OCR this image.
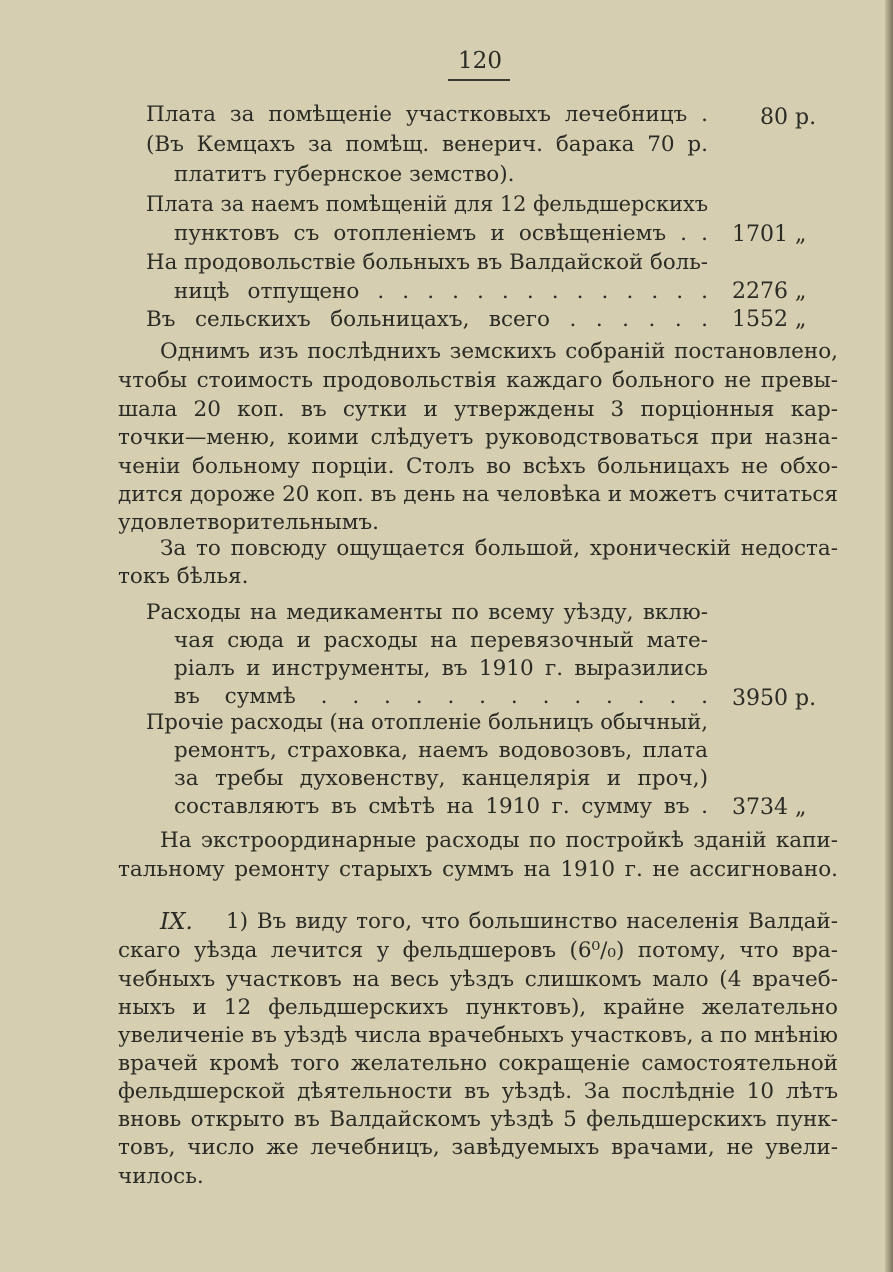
120
Плата за помѣщеніе участковыхъ лечебницъ . 80 р.
(Въ Кемцахъ за помѣщ. венерич. барака 70 р.
платитъ губернское земство).
Плата за наемъ помѣщеній для 12 фельдшерскихъ
пунктовъ съ отопленіемъ и освѣщеніемъ . . 1701 „
На продовольствіе больныхъ въ Валдайской боль-
ницѣ отпущено . . . . . . . . . . . . . . 2276 „
Въ сельскихъ больницахъ, всего . . . . . . 1552 „
Однимъ изъ послѣднихъ земскихъ собраній постановлено,
чтобы стоимость продовольствія каждаго больного не превы-
шала 20 коп. въ сутки и утверждены 3 порціонныя кар-
точки—меню, коими слѣдуетъ руководствоваться при назна-
ченіи больному порціи. Столъ во всѣхъ больницахъ не обхо-
дится дороже 20 коп. въ день на человѣка и можетъ считаться
удовлетворительнымъ.
За то повсюду ощущается большой, хроническій недоста-
токъ бѣлья.
Расходы на медикаменты по всему уѣзду, вклю-
чая сюда и расходы на перевязочный мате-
ріалъ и инструменты, въ 1910 г. выразились
въ суммѣ . . . . . . . . . . . . . 3950 р.
Прочіе расходы (на отопленіе больницъ обычный,
ремонтъ, страховка, наемъ водовозовъ, плата
за требы духовенству, канцелярія и проч,)
составляютъ въ смѣтѣ на 1910 г. сумму въ . 3734 „
На экстроординарные расходы по постройкѣ зданій капи-
тальному ремонту старыхъ суммъ на 1910 г. не ассигновано.
IX. 1) Въ виду того, что большинство населенія Валдай-
скаго уѣзда лечится у фельдшеровъ (6⁰/₀) потому, что вра-
чебныхъ участковъ на весь уѣздъ слишкомъ мало (4 врачеб-
ныхъ и 12 фельдшерскихъ пунктовъ), крайне желательно
увеличеніе въ уѣздѣ числа врачебныхъ участковъ, а по мнѣнію
врачей кромѣ того желательно сокращеніе самостоятельной
фельдшерской дѣятельности въ уѣздѣ. За послѣдніе 10 лѣтъ
вновь открыто въ Валдайскомъ уѣздѣ 5 фельдшерскихъ пунк-
товъ, число же лечебницъ, завѣдуемыхъ врачами, не увели-
чилось.
